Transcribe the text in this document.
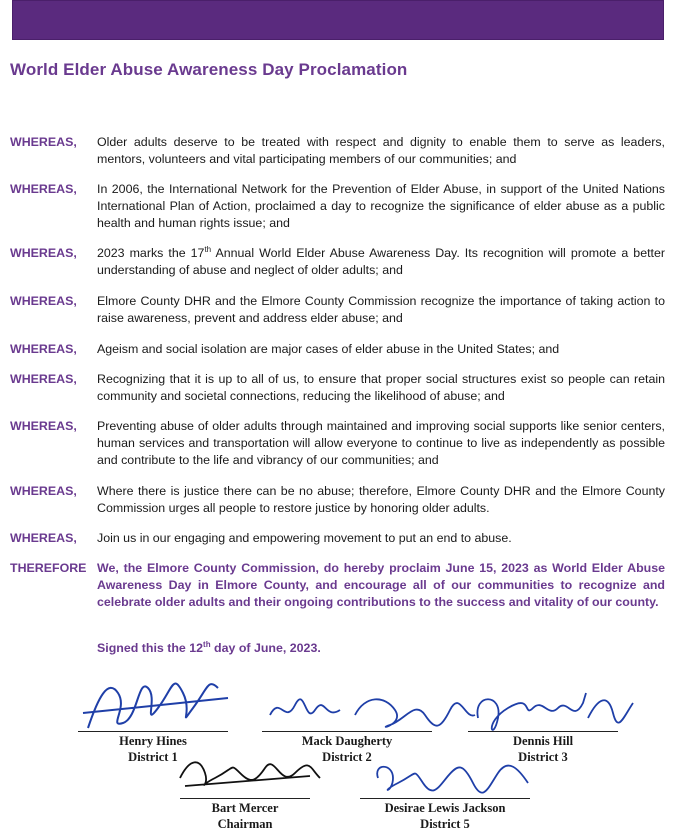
World Elder Abuse Awareness Day Proclamation
WHEREAS,	Older adults deserve to be treated with respect and dignity to enable them to serve as leaders, mentors, volunteers and vital participating members of our communities; and
WHEREAS,	In 2006, the International Network for the Prevention of Elder Abuse, in support of the United Nations International Plan of Action, proclaimed a day to recognize the significance of elder abuse as a public health and human rights issue; and
WHEREAS,	2023 marks the 17th Annual World Elder Abuse Awareness Day. Its recognition will promote a better understanding of abuse and neglect of older adults; and
WHEREAS,	Elmore County DHR and the Elmore County Commission recognize the importance of taking action to raise awareness, prevent and address elder abuse; and
WHEREAS,	Ageism and social isolation are major cases of elder abuse in the United States; and
WHEREAS,	Recognizing that it is up to all of us, to ensure that proper social structures exist so people can retain community and societal connections, reducing the likelihood of abuse; and
WHEREAS,	Preventing abuse of older adults through maintained and improving social supports like senior centers, human services and transportation will allow everyone to continue to live as independently as possible and contribute to the life and vibrancy of our communities; and
WHEREAS,	Where there is justice there can be no abuse; therefore, Elmore County DHR and the Elmore County Commission urges all people to restore justice by honoring older adults.
WHEREAS,	Join us in our engaging and empowering movement to put an end to abuse.
THEREFORE We, the Elmore County Commission, do hereby proclaim June 15, 2023 as World Elder Abuse Awareness Day in Elmore County, and encourage all of our communities to recognize and celebrate older adults and their ongoing contributions to the success and vitality of our county.
Signed this the 12th day of June, 2023.
Henry Hines
District 1
Mack Daugherty
District 2
Dennis Hill
District 3
Bart Mercer
Chairman
Desirae Lewis Jackson
District 5
